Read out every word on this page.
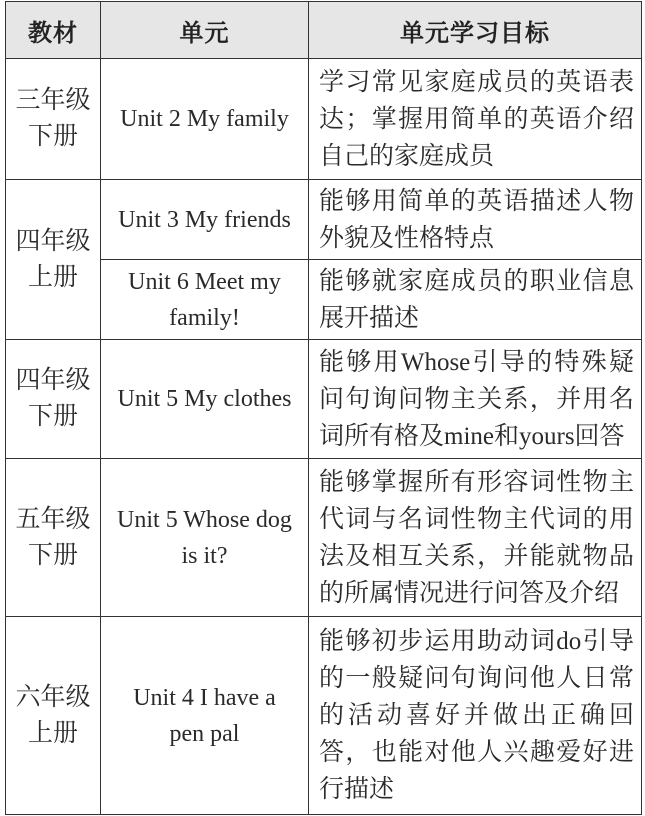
教材	单元	单元学习目标
三年级下册	Unit 2 My family	学习常见家庭成员的英语表达；掌握用简单的英语介绍自己的家庭成员

四年级上册	Unit 3 My friends	能够用简单的英语描述人物外貌及性格特点

	Unit 6 Meet my family!	能够就家庭成员的职业信息展开描述

四年级下册	Unit 5 My clothes	能够用Whose引导的特殊疑问句询问物主关系，并用名词所有格及mine和yours回答

五年级下册	Unit 5 Whose dog is it?	能够掌握所有形容词性物主代词与名词性物主代词的用法及相互关系，并能就物品的所属情况进行问答及介绍

六年级上册	Unit 4 I have a pen pal	能够初步运用助动词do引导的一般疑问句询问他人日常的活动喜好并做出正确回答，也能对他人兴趣爱好进行描述
